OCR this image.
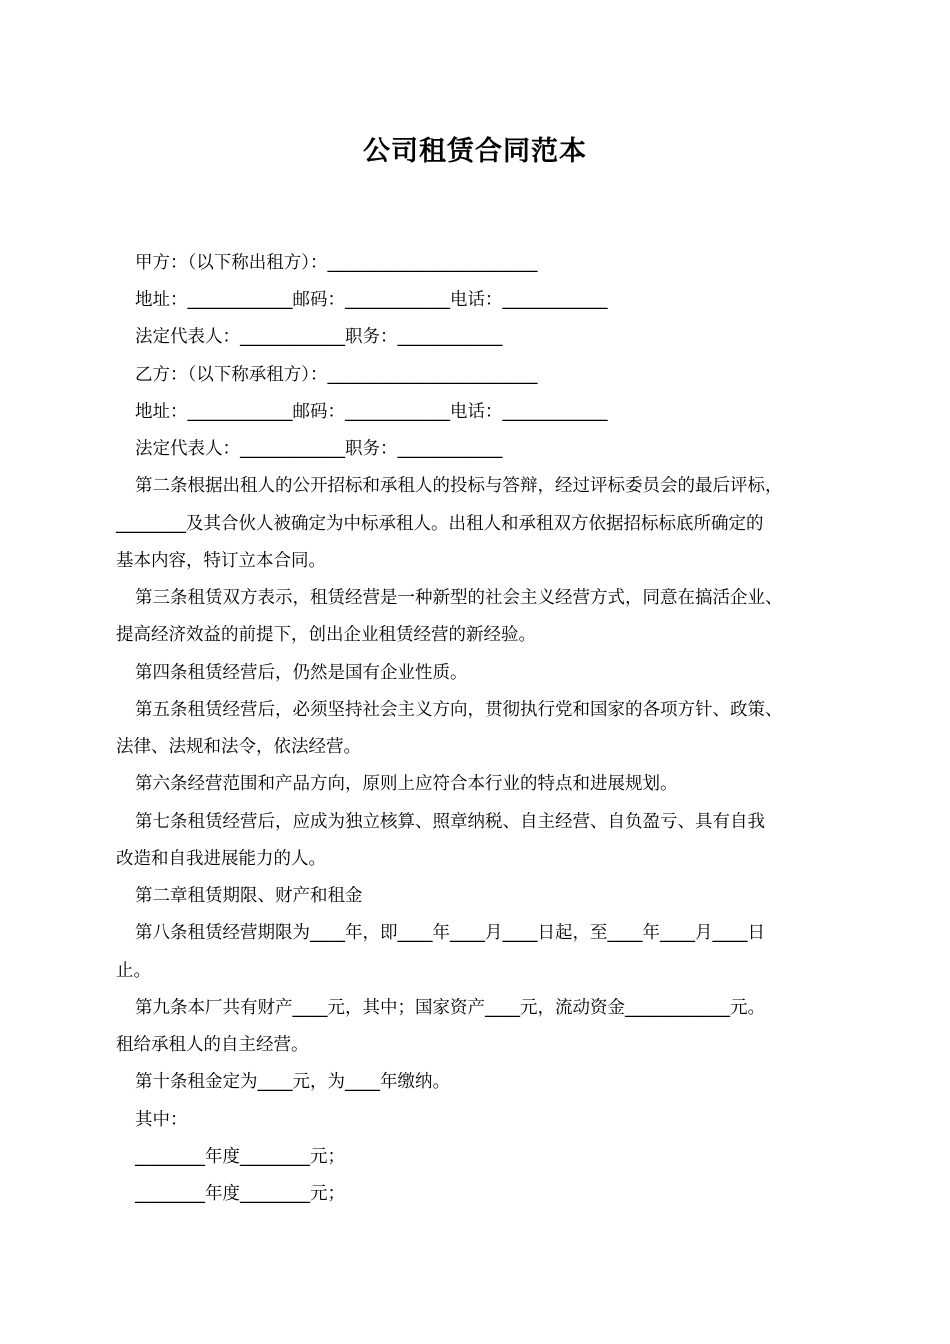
公司租赁合同范本
甲方：（以下称出租方）：________________________
地址：____________邮码：____________电话：____________
法定代表人：____________职务：____________
乙方：（以下称承租方）：________________________
地址：____________邮码：____________电话：____________
法定代表人：____________职务：____________
第二条根据出租人的公开招标和承租人的投标与答辩，经过评标委员会的最后评标，
________及其合伙人被确定为中标承租人。出租人和承租双方依据招标标底所确定的
基本内容，特订立本合同。
第三条租赁双方表示，租赁经营是一种新型的社会主义经营方式，同意在搞活企业、
提高经济效益的前提下，创出企业租赁经营的新经验。
第四条租赁经营后，仍然是国有企业性质。
第五条租赁经营后，必须坚持社会主义方向，贯彻执行党和国家的各项方针、政策、
法律、法规和法令，依法经营。
第六条经营范围和产品方向，原则上应符合本行业的特点和进展规划。
第七条租赁经营后，应成为独立核算、照章纳税、自主经营、自负盈亏、具有自我
改造和自我进展能力的人。
第二章租赁期限、财产和租金
第八条租赁经营期限为____年，即____年____月____日起，至____年____月____日
止。
第九条本厂共有财产____元，其中；国家资产____元，流动资金____________元。
租给承租人的自主经营。
第十条租金定为____元，为____年缴纳。
其中：
________年度________元；
________年度________元；
